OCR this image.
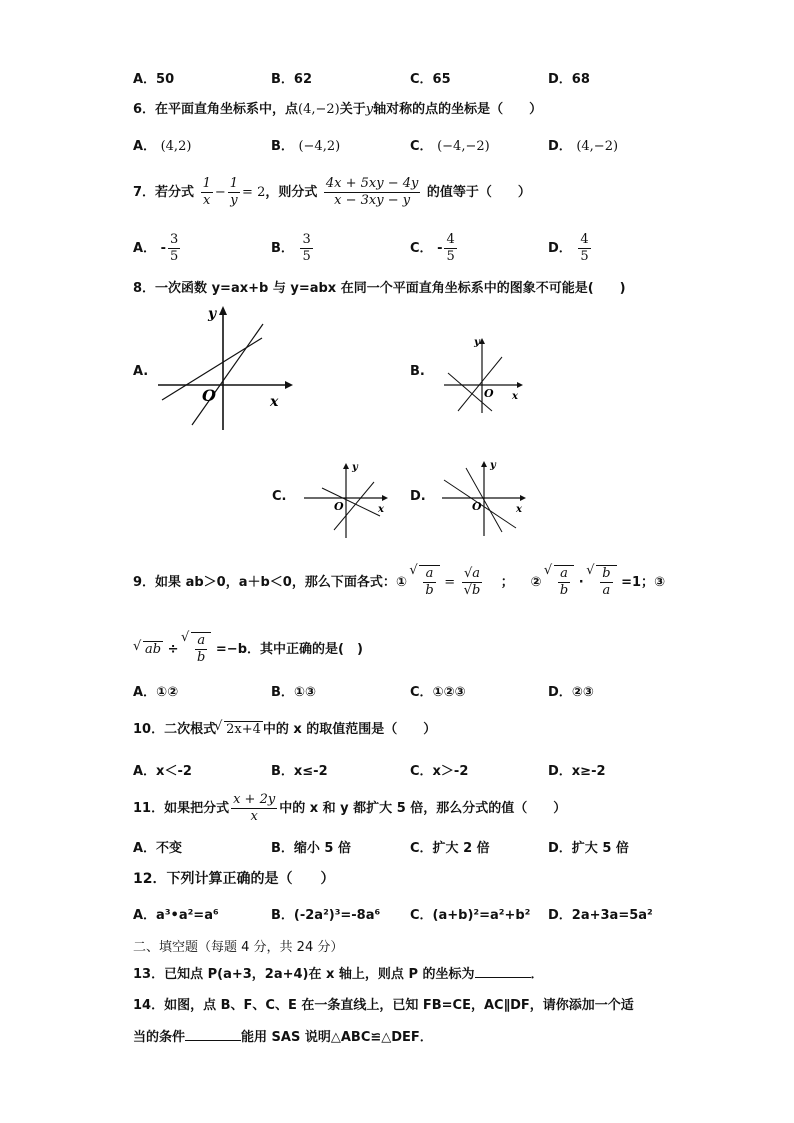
A．50	B．62	C．65	D．68
6．在平面直角坐标系中，点(4,−2)关于y轴对称的点的坐标是（　　）
A． (4,2)	B． (−4,2)	C． (−4,−2)	D． (4,−2)
7．若分式 $\frac{1}{x} - \frac{1}{y} = 2$，则分式 $\frac{4x + 5xy - 4y}{x - 3xy - y}$ 的值等于（　　）
A． - $\frac{3}{5}$	B． $\frac{3}{5}$	C． - $\frac{4}{5}$	D． $\frac{4}{5}$
8．一次函数 y=ax+b 与 y=abx 在同一个平面直角坐标系中的图象不可能是(　　)
A.
O	x
y
B.
O x
y
C.
O	x
y
D.
O	x
y
9．如果 ab＞0，a＋b＜0，那么下面各式：① √ $\frac{a}{b} = \frac{√a}{√b}$ ； ② √ $\frac{a}{b}$ · √ $\frac{b}{a} =1$；③
√ ab ÷ √ $\frac{a}{b} =-b$．其中正确的是(　)
A．①②	B．①③	C．①②③	D．②③
10．二次根式 √ 2x+4 中的 x 的取值范围是（　　）
A．x＜-2	B．x≤-2	C．x＞-2	D．x≥-2
11．如果把分式 $\frac{x + 2y}{x}$ 中的 x 和 y 都扩大 5 倍，那么分式的值（　　）
A．不变	B．缩小 5 倍	C．扩大 2 倍	D．扩大 5 倍
12．下列计算正确的是（　　）
A．a³•a²=a⁶	B．(-2a²)³=-8a⁶ C．(a+b)²=a²+b² D．2a+3a=5a²
二、填空题（每题 4 分，共 24 分）
13．已知点 P(a+3，2a+4)在 x 轴上，则点 P 的坐标为	．
14．如图，点 B、F、C、E 在一条直线上，已知 FB=CE，AC∥DF，请你添加一个适
当的条件	能用 SAS 说明△ABC≌△DEF．
